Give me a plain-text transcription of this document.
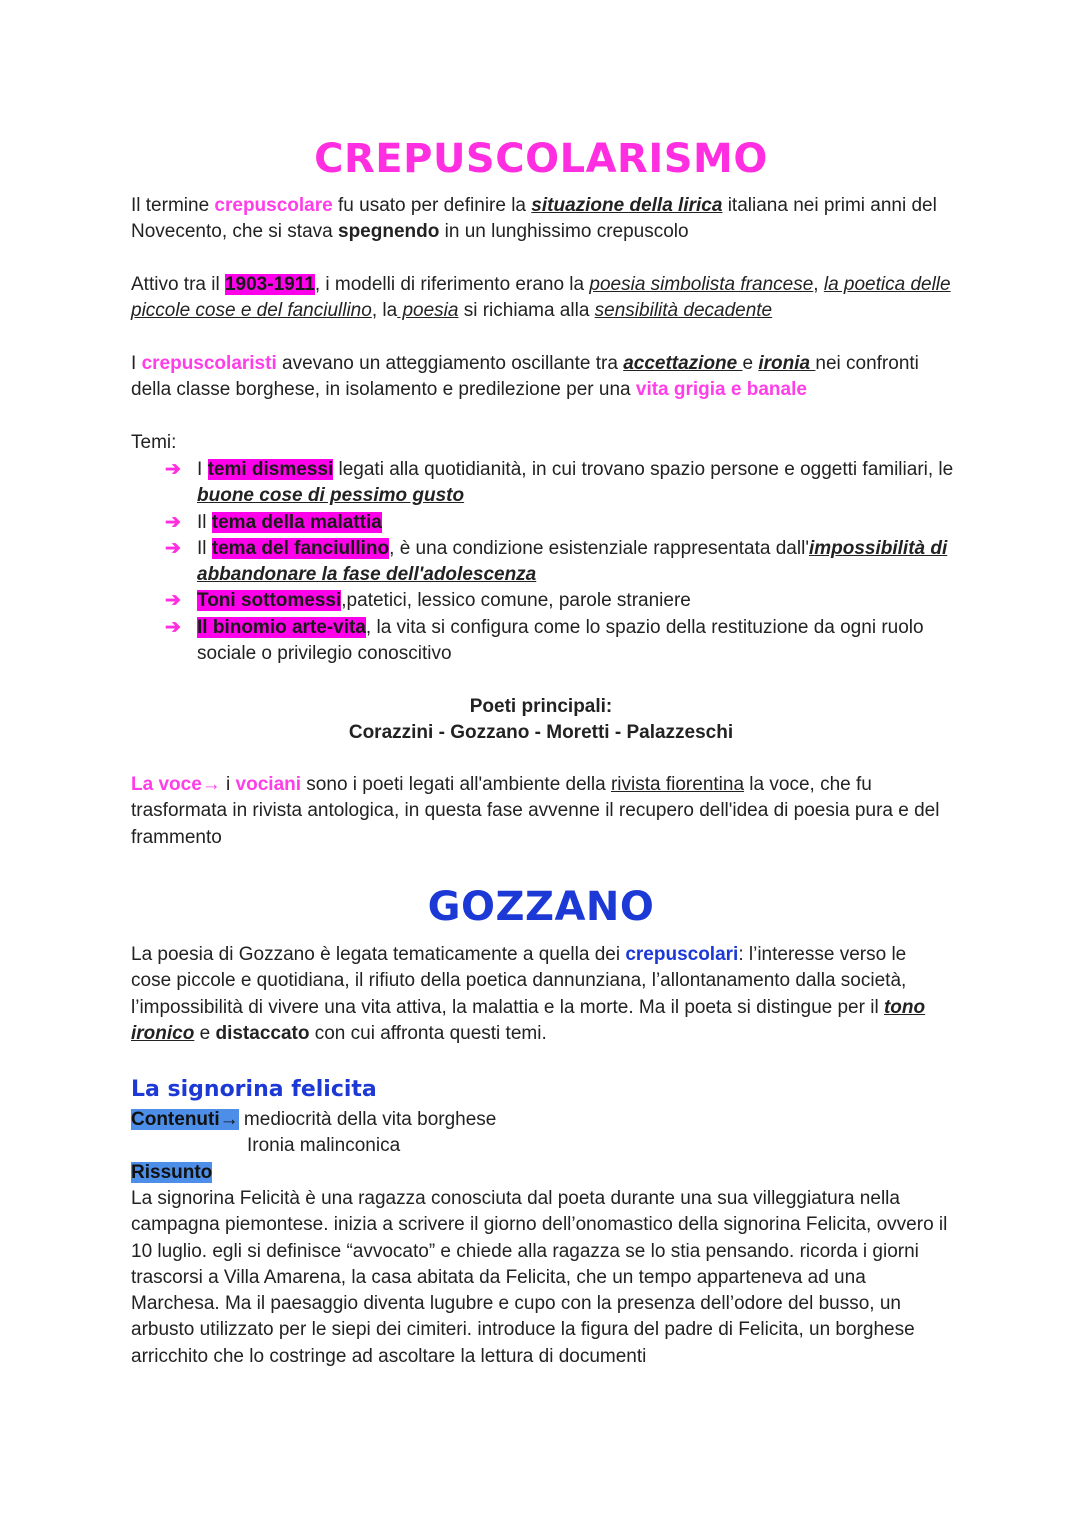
CREPUSCOLARISMO

Il termine crepuscolare fu usato per definire la situazione della lirica italiana nei primi anni del Novecento, che si stava spegnendo in un lunghissimo crepuscolo

Attivo tra il 1903-1911, i modelli di riferimento erano la poesia simbolista francese, la poetica delle piccole cose e del fanciullino, la poesia si richiama alla sensibilità decadente

I crepuscolaristi avevano un atteggiamento oscillante tra accettazione e ironia nei confronti della classe borghese, in isolamento e predilezione per una vita grigia e banale

Temi:

➔ I temi dismessi legati alla quotidianità, in cui trovano spazio persone e oggetti familiari, le buone cose di pessimo gusto
➔ Il tema della malattia
➔ Il tema del fanciullino, è una condizione esistenziale rappresentata dall'impossibilità di abbandonare la fase dell'adolescenza
➔ Toni sottomessi,patetici, lessico comune, parole straniere
➔ Il binomio arte-vita, la vita si configura come lo spazio della restituzione da ogni ruolo sociale o privilegio conoscitivo
Poeti principali:
Corazzini - Gozzano - Moretti - Palazzeschi

La voce→ i vociani sono i poeti legati all'ambiente della rivista fiorentina la voce, che fu trasformata in rivista antologica, in questa fase avvenne il recupero dell'idea di poesia pura e del frammento

GOZZANO

La poesia di Gozzano è legata tematicamente a quella dei crepuscolari: l’interesse verso le cose piccole e quotidiana, il rifiuto della poetica dannunziana, l’allontanamento dalla società, l’impossibilità di vivere una vita attiva, la malattia e la morte. Ma il poeta si distingue per il tono ironico e distaccato con cui affronta questi temi.

La signorina felicita
Contenuti→ mediocrità della vita borghese
Ironia malinconica
Rissunto

La signorina Felicità è una ragazza conosciuta dal poeta durante una sua villeggiatura nella campagna piemontese. inizia a scrivere il giorno dell’onomastico della signorina Felicita, ovvero il 10 luglio. egli si definisce “avvocato” e chiede alla ragazza se lo stia pensando. ricorda i giorni trascorsi a Villa Amarena, la casa abitata da Felicita, che un tempo apparteneva ad una Marchesa. Ma il paesaggio diventa lugubre e cupo con la presenza dell’odore del busso, un arbusto utilizzato per le siepi dei cimiteri. introduce la figura del padre di Felicita, un borghese arricchito che lo costringe ad ascoltare la lettura di documenti
